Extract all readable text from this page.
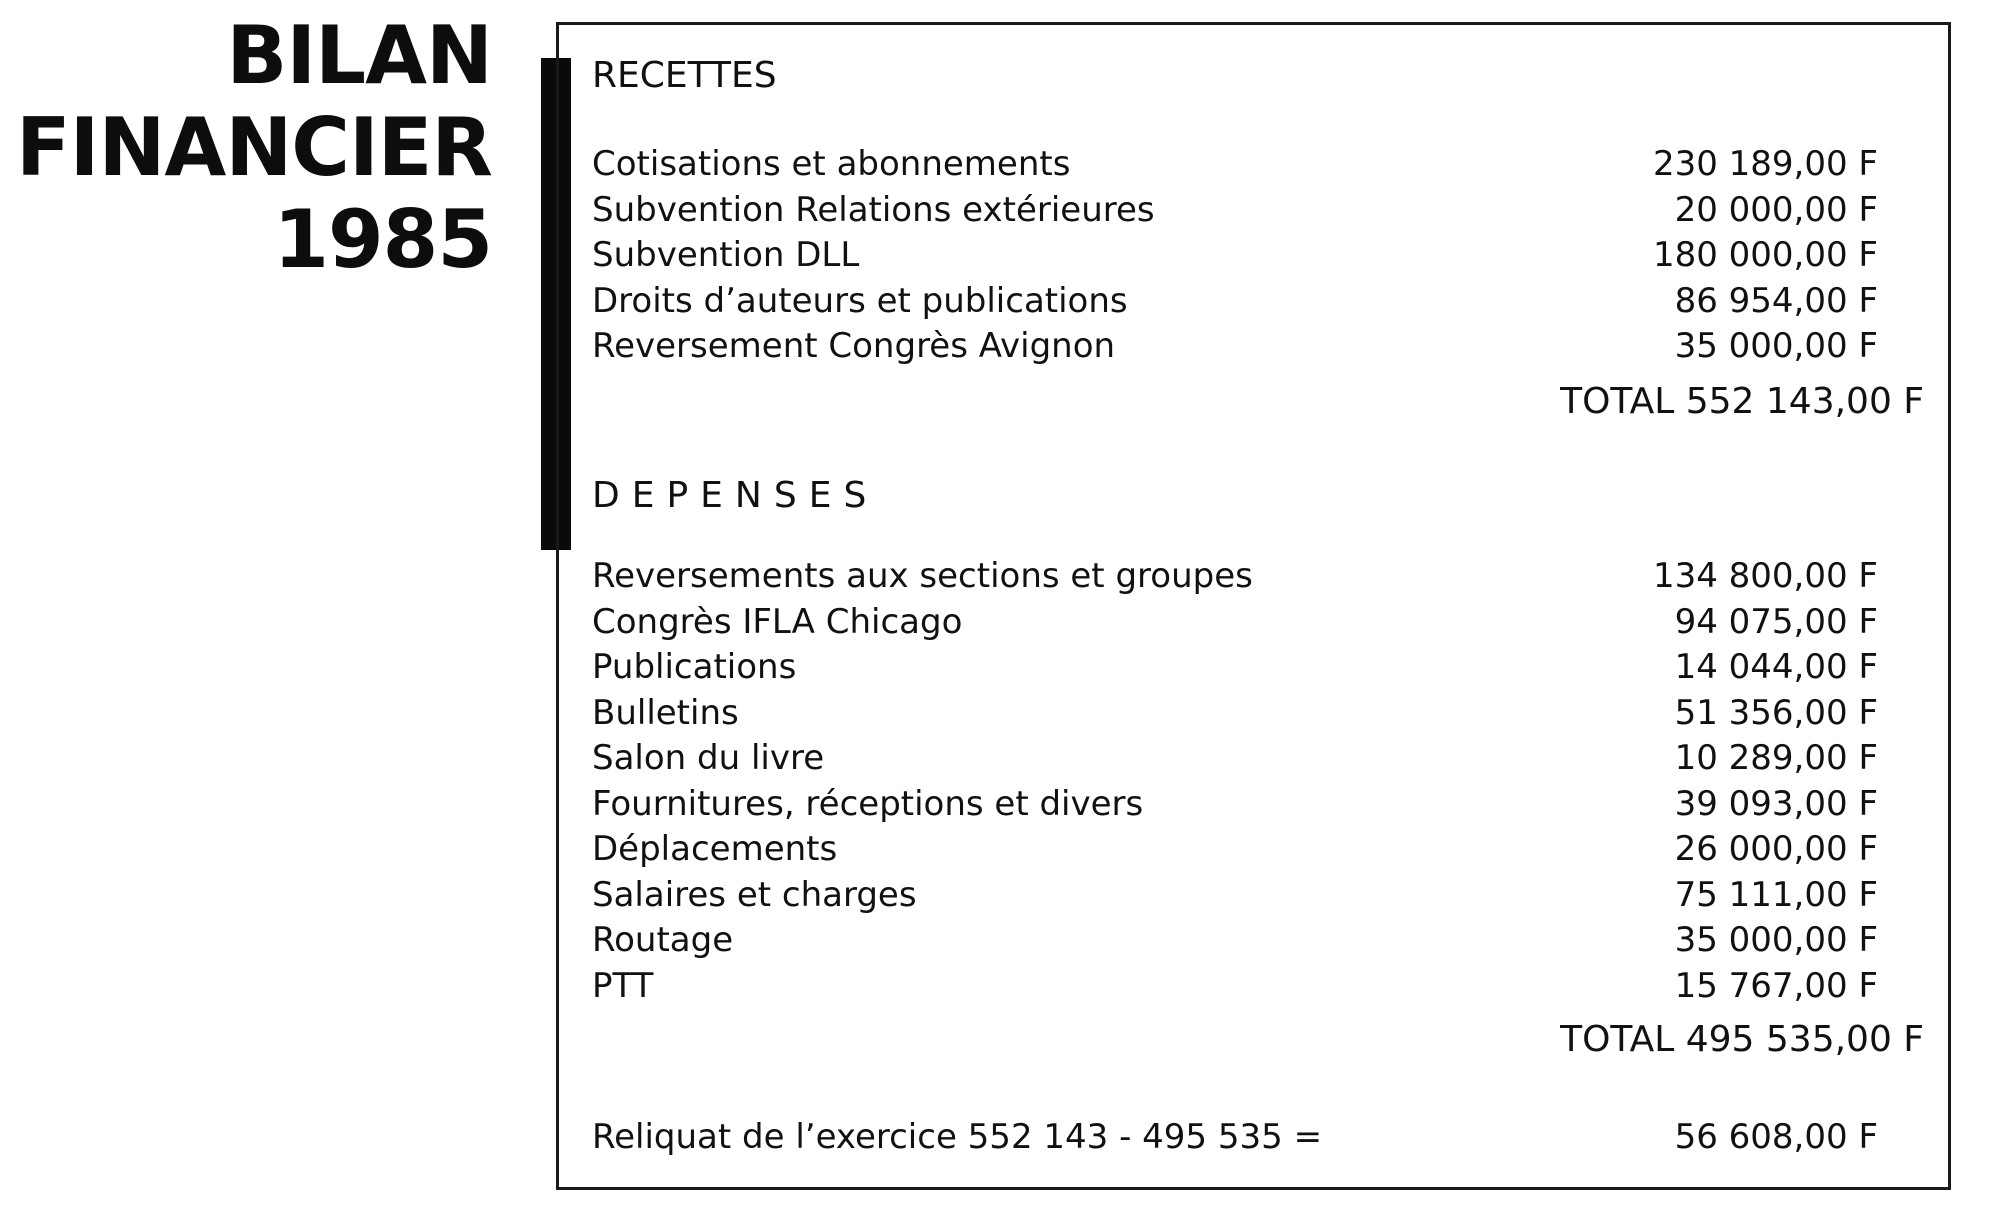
BILAN
FINANCIER
1985
RECETTES
Cotisations et abonnements	230 189,00 F
Subvention Relations extérieures	20 000,00 F
Subvention DLL	180 000,00 F
Droits d’auteurs et publications	86 954,00 F
Reversement Congrès Avignon	35 000,00 F
TOTAL 552 143,00 F
DEPENSES
Reversements aux sections et groupes	134 800,00 F
Congrès IFLA Chicago	94 075,00 F
Publications	14 044,00 F
Bulletins	51 356,00 F
Salon du livre	10 289,00 F
Fournitures, réceptions et divers	39 093,00 F
Déplacements	26 000,00 F
Salaires et charges	75 111,00 F
Routage	35 000,00 F
PTT	15 767,00 F
TOTAL 495 535,00 F
Reliquat de l’exercice 552 143 - 495 535 =	56 608,00 F
